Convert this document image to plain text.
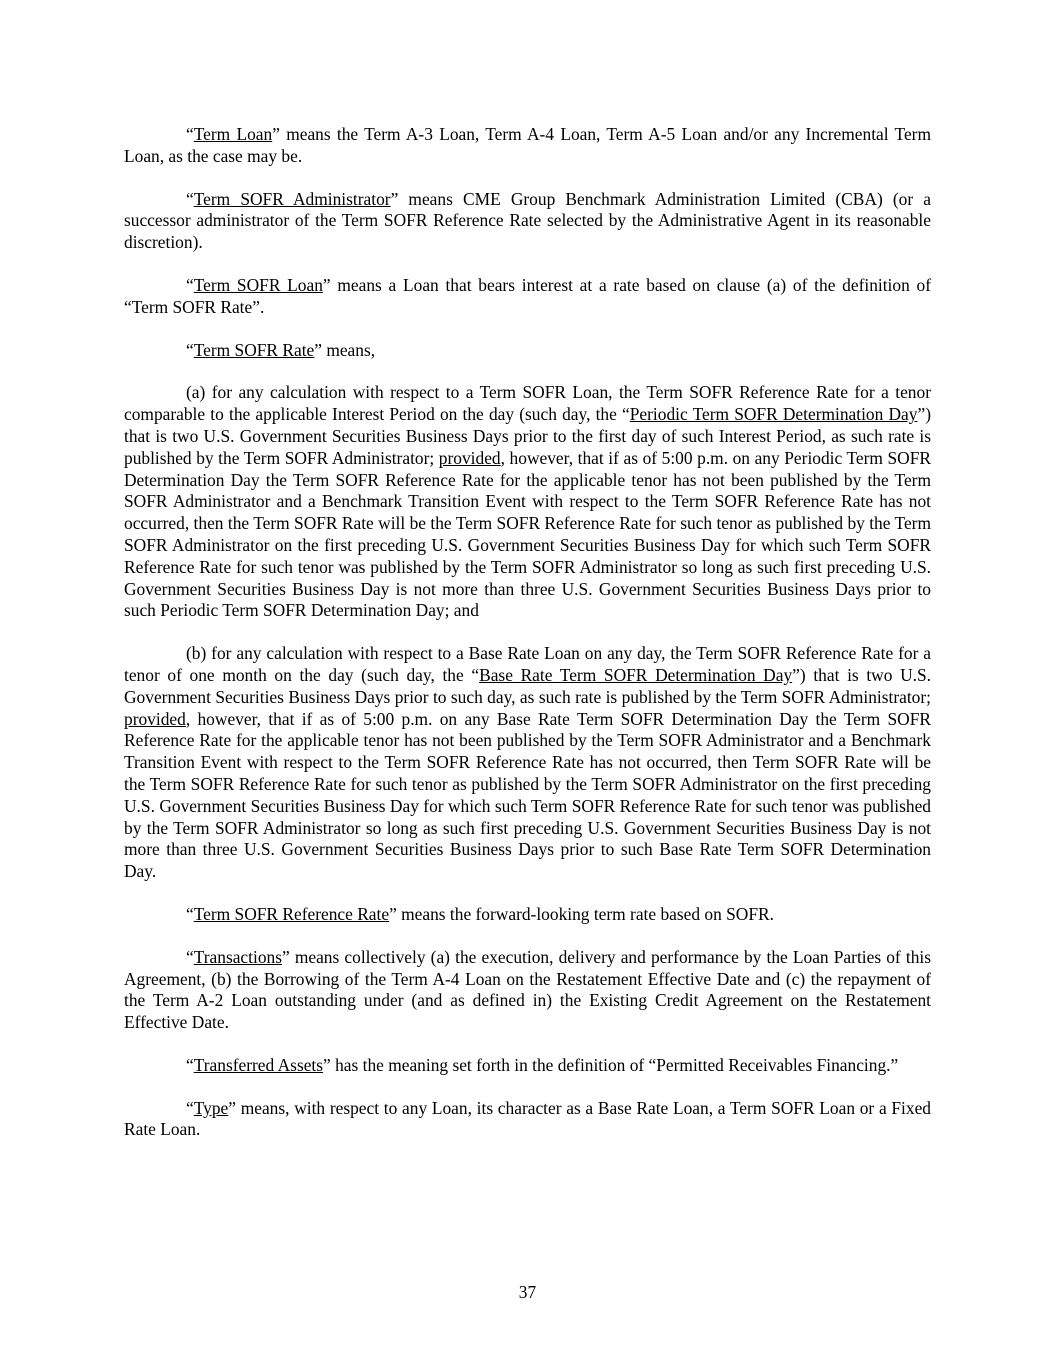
“Term Loan” means the Term A-3 Loan, Term A-4 Loan, Term A-5 Loan and/or any Incremental Term Loan, as the case may be.

“Term SOFR Administrator” means CME Group Benchmark Administration Limited (CBA) (or a successor administrator of the Term SOFR Reference Rate selected by the Administrative Agent in its reasonable discretion).

“Term SOFR Loan” means a Loan that bears interest at a rate based on clause (a) of the definition of “Term SOFR Rate”.

“Term SOFR Rate” means,

(a) for any calculation with respect to a Term SOFR Loan, the Term SOFR Reference Rate for a tenor comparable to the applicable Interest Period on the day (such day, the “Periodic Term SOFR Determination Day”) that is two U.S. Government Securities Business Days prior to the first day of such Interest Period, as such rate is published by the Term SOFR Administrator; provided, however, that if as of 5:00 p.m. on any Periodic Term SOFR Determination Day the Term SOFR Reference Rate for the applicable tenor has not been published by the Term SOFR Administrator and a Benchmark Transition Event with respect to the Term SOFR Reference Rate has not occurred, then the Term SOFR Rate will be the Term SOFR Reference Rate for such tenor as published by the Term SOFR Administrator on the first preceding U.S. Government Securities Business Day for which such Term SOFR Reference Rate for such tenor was published by the Term SOFR Administrator so long as such first preceding U.S. Government Securities Business Day is not more than three U.S. Government Securities Business Days prior to such Periodic Term SOFR Determination Day; and

(b) for any calculation with respect to a Base Rate Loan on any day, the Term SOFR Reference Rate for a tenor of one month on the day (such day, the “Base Rate Term SOFR Determination Day”) that is two U.S. Government Securities Business Days prior to such day, as such rate is published by the Term SOFR Administrator; provided, however, that if as of 5:00 p.m. on any Base Rate Term SOFR Determination Day the Term SOFR Reference Rate for the applicable tenor has not been published by the Term SOFR Administrator and a Benchmark Transition Event with respect to the Term SOFR Reference Rate has not occurred, then Term SOFR Rate will be the Term SOFR Reference Rate for such tenor as published by the Term SOFR Administrator on the first preceding U.S. Government Securities Business Day for which such Term SOFR Reference Rate for such tenor was published by the Term SOFR Administrator so long as such first preceding U.S. Government Securities Business Day is not more than three U.S. Government Securities Business Days prior to such Base Rate Term SOFR Determination Day.

“Term SOFR Reference Rate” means the forward-looking term rate based on SOFR.

“Transactions” means collectively (a) the execution, delivery and performance by the Loan Parties of this Agreement, (b) the Borrowing of the Term A-4 Loan on the Restatement Effective Date and (c) the repayment of the Term A-2 Loan outstanding under (and as defined in) the Existing Credit Agreement on the Restatement Effective Date.

“Transferred Assets” has the meaning set forth in the definition of “Permitted Receivables Financing.”

“Type” means, with respect to any Loan, its character as a Base Rate Loan, a Term SOFR Loan or a Fixed Rate Loan.

37
